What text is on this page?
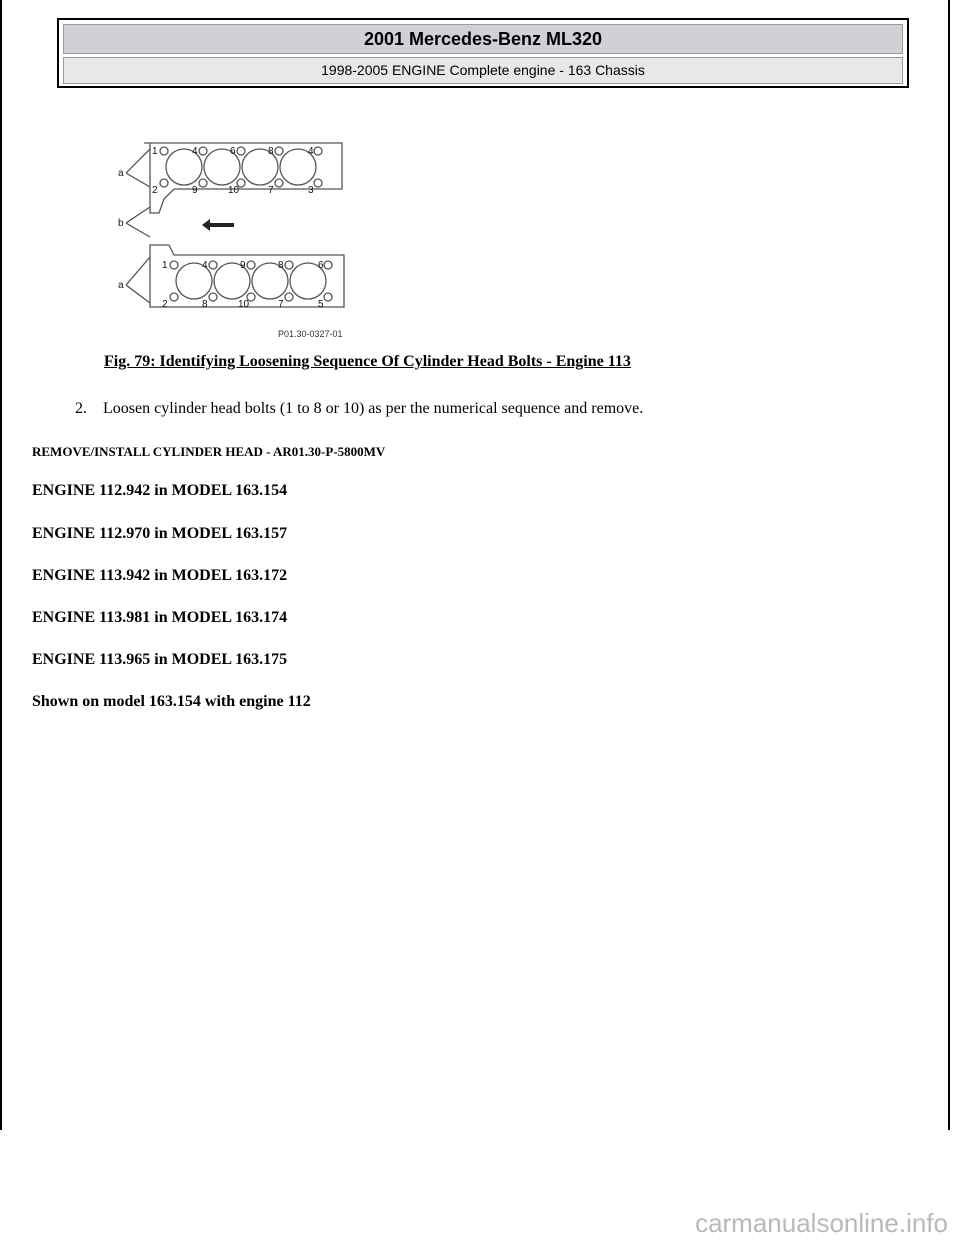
2001 Mercedes-Benz ML320
1998-2005 ENGINE Complete engine - 163 Chassis
a
b
a
1	4	6	8	4
2	9	10	7	3
1	4	9	8	6
2	8	10	7	5
P01.30-0327-01
Fig. 79: Identifying Loosening Sequence Of Cylinder Head Bolts - Engine 113
2. Loosen cylinder head bolts (1 to 8 or 10) as per the numerical sequence and remove.
REMOVE/INSTALL CYLINDER HEAD - AR01.30-P-5800MV
ENGINE 112.942 in MODEL 163.154
ENGINE 112.970 in MODEL 163.157
ENGINE 113.942 in MODEL 163.172
ENGINE 113.981 in MODEL 163.174
ENGINE 113.965 in MODEL 163.175
Shown on model 163.154 with engine 112
carmanualsonline.info
